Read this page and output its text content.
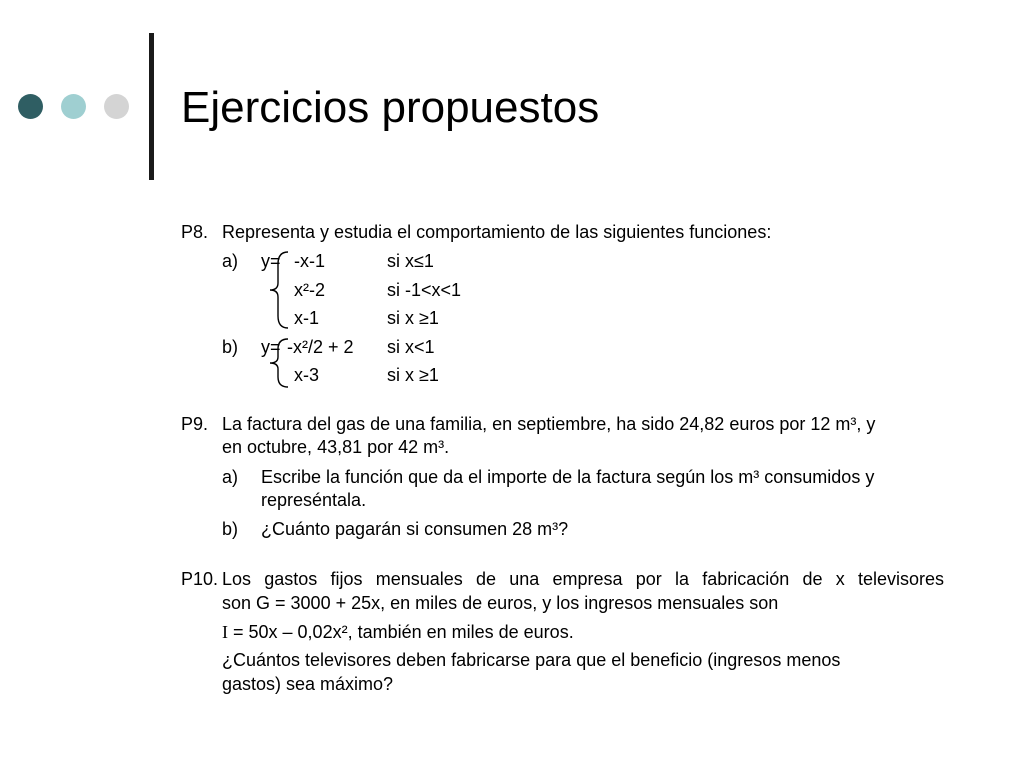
Ejercicios propuestos
P8. Representa y estudia el comportamiento de las siguientes funciones:
a) y= -x-1	si x≤1
x²-2	si -1<x<1
x-1	si x ≥1
b) y= -x²/2 + 2 si x<1
x-3	si x ≥1
P9. La factura del gas de una familia, en septiembre, ha sido 24,82 euros por 12 m³, y
en octubre, 43,81 por 42 m³.
a) Escribe la función que da el importe de la factura según los m³ consumidos y
represéntala.
b) ¿Cuánto pagarán si consumen 28 m³?
P10. Los gastos fijos mensuales de una empresa por la fabricación de x televisores
son G = 3000 + 25x, en miles de euros, y los ingresos mensuales son
I = 50x – 0,02x², también en miles de euros.
¿Cuántos televisores deben fabricarse para que el beneficio (ingresos menos
gastos) sea máximo?
